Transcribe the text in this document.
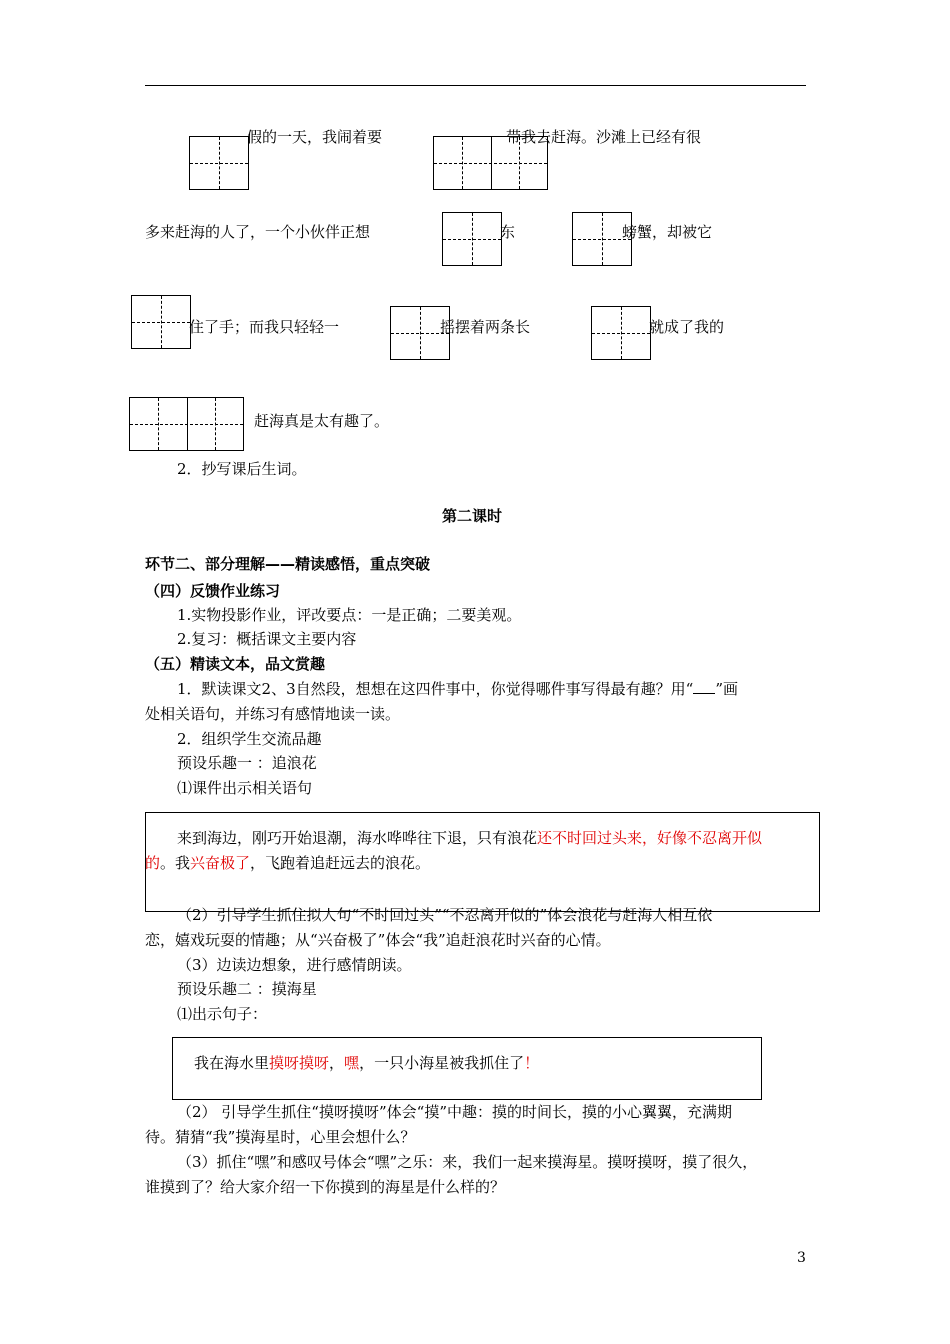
假的一天，我闹着要	带我去赶海。沙滩上已经有很
多来赶海的人了，一个小伙伴正想	东	螃蟹，却被它
住了手；而我只轻轻一	摇摆着两条长	就成了我的
赶海真是太有趣了。
2．抄写课后生词。
第二课时
环节二、部分理解——精读感悟，重点突破
（四）反馈作业练习
1.实物投影作业，评改要点：一是正确；二要美观。
2.复习：概括课文主要内容
（五）精读文本，品文赏趣
1．默读课文2、3自然段，想想在这四件事中，你觉得哪件事写得最有趣？用“ ”画
处相关语句，并练习有感情地读一读。
2．组织学生交流品趣
预设乐趣一 ：追浪花
⑴课件出示相关语句
来到海边，刚巧开始退潮，海水哗哗往下退，只有浪花还不时回过头来，好像不忍离开似
的。我兴奋极了，飞跑着追赶远去的浪花。
（2）引导学生抓住拟人句“不时回过头”“不忍离开似的”体会浪花与赶海人相互依
恋，嬉戏玩耍的情趣；从“兴奋极了”体会“我”追赶浪花时兴奋的心情。
（3）边读边想象，进行感情朗读。
预设乐趣二 ：摸海星
⑴出示句子：
我在海水里摸呀摸呀，嘿，一只小海星被我抓住了！
（2） 引导学生抓住“摸呀摸呀”体会“摸”中趣：摸的时间长，摸的小心翼翼，充满期
待。猜猜“我”摸海星时，心里会想什么？
（3）抓住“嘿”和感叹号体会“嘿”之乐：来，我们一起来摸海星。摸呀摸呀，摸了很久，
谁摸到了？给大家介绍一下你摸到的海星是什么样的？
3
